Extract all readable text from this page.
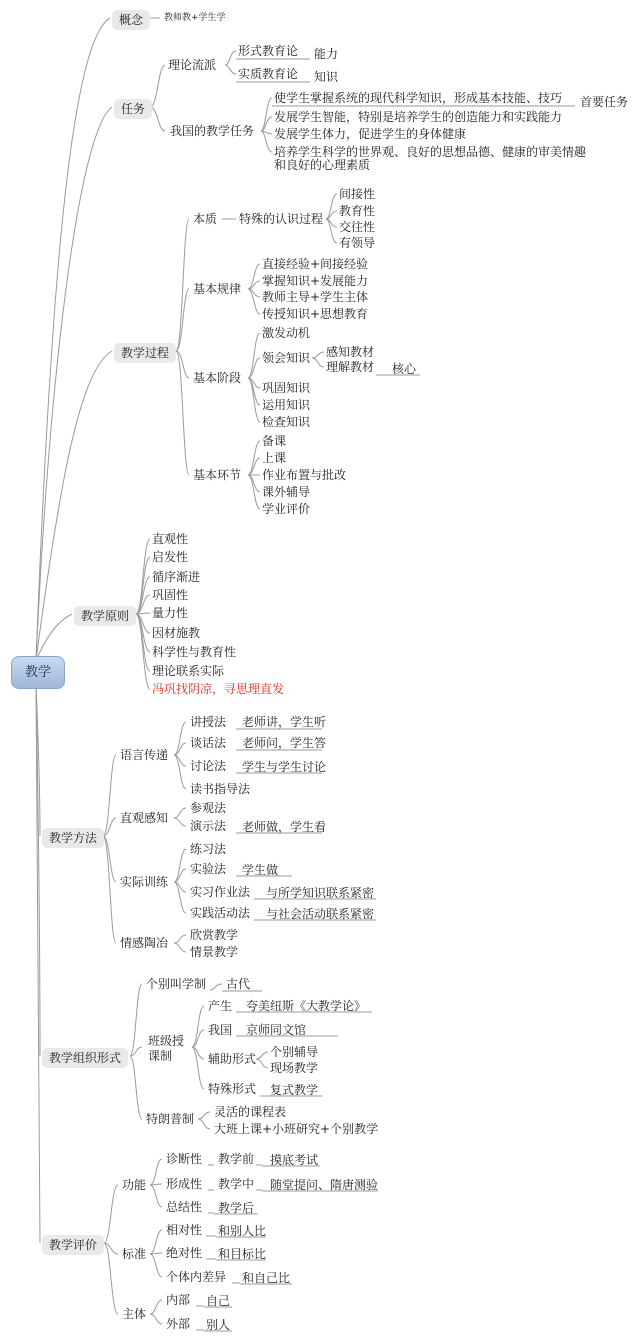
教学
概念	教师教+学生学
任务
理论流派
形式教育论 能力
实质教育论 知识
我国的教学任务
使学生掌握系统的现代科学知识，形成基本技能、技巧 首要任务
发展学生智能，特别是培养学生的创造能力和实践能力
发展学生体力，促进学生的身体健康
培养学生科学的世界观、良好的思想品德、健康的审美情趣
和良好的心理素质
教学过程
本质 特殊的认识过程
间接性
教育性
交往性
有领导
基本规律
直接经验+间接经验
掌握知识+发展能力
教师主导+学生主体
传授知识+思想教育
基本阶段
激发动机
领会知识 感知教材
理解教材 核心
巩固知识
运用知识
检查知识
基本环节
备课
上课
作业布置与批改
课外辅导
学业评价
教学原则
直观性
启发性
循序渐进
巩固性
量力性
因材施教
科学性与教育性
理论联系实际
冯巩找阴凉，寻思理直发
教学方法
语言传递
讲授法 老师讲，学生听
谈话法 老师问，学生答
讨论法 学生与学生讨论
读书指导法
直观感知
参观法
演示法 老师做，学生看
实际训练
练习法
实验法 学生做
实习作业法 与所学知识联系紧密
实践活动法 与社会活动联系紧密
情感陶冶
欣赏教学
情景教学
教学组织形式
个别叫学制 古代
班级授
课制
产生 夸美纽斯《大教学论》
我国 京师同文馆
辅助形式 个别辅导
现场教学
特殊形式 复式教学
特朗普制 灵活的课程表
大班上课+小班研究+个别教学
教学评价
功能
诊断性 教学前 摸底考试
形成性 教学中 随堂提问、隋唐测验
总结性 教学后
标准
相对性 和别人比
绝对性 和目标比
个体内差异 和自己比
主体
内部 自己
外部 别人
